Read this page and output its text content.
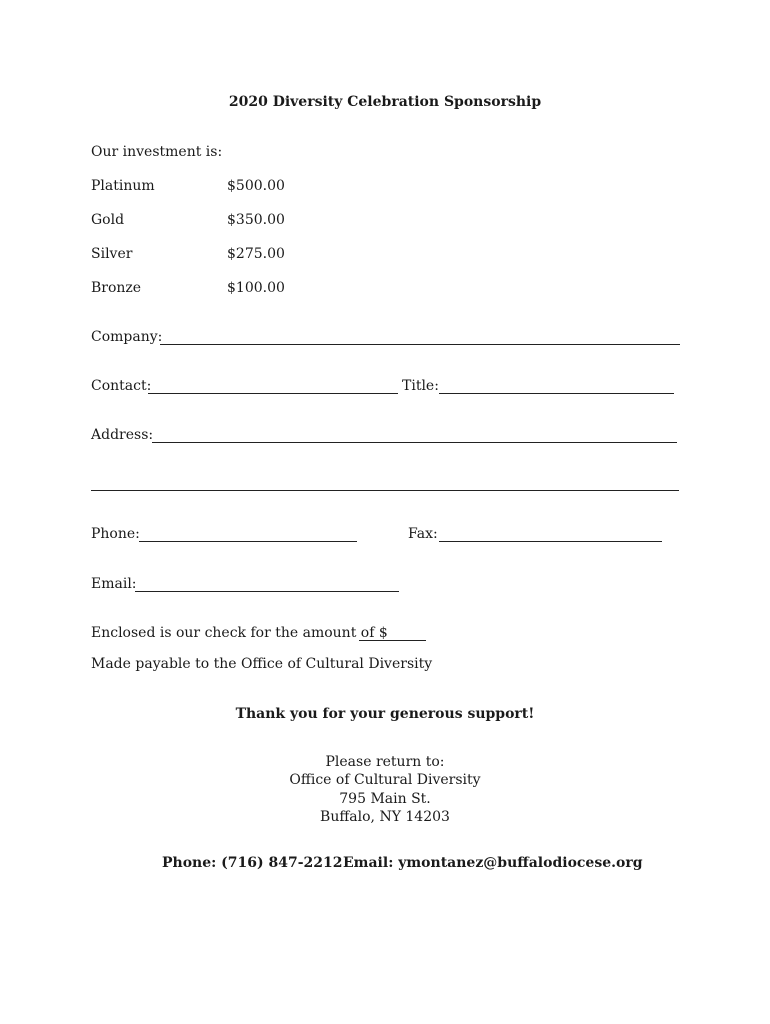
2020 Diversity Celebration Sponsorship
Our investment is:
Platinum	$500.00
Gold	$350.00
Silver	$275.00
Bronze	$100.00
Company:
Contact:	Title:
Address:
Phone:	Fax:
Email:
Enclosed is our check for the amount of $
Made payable to the Office of Cultural Diversity
Thank you for your generous support!
Please return to:
Office of Cultural Diversity
795 Main St.
Buffalo, NY 14203
Phone: (716) 847-2212 Email: ymontanez@buffalodiocese.org
